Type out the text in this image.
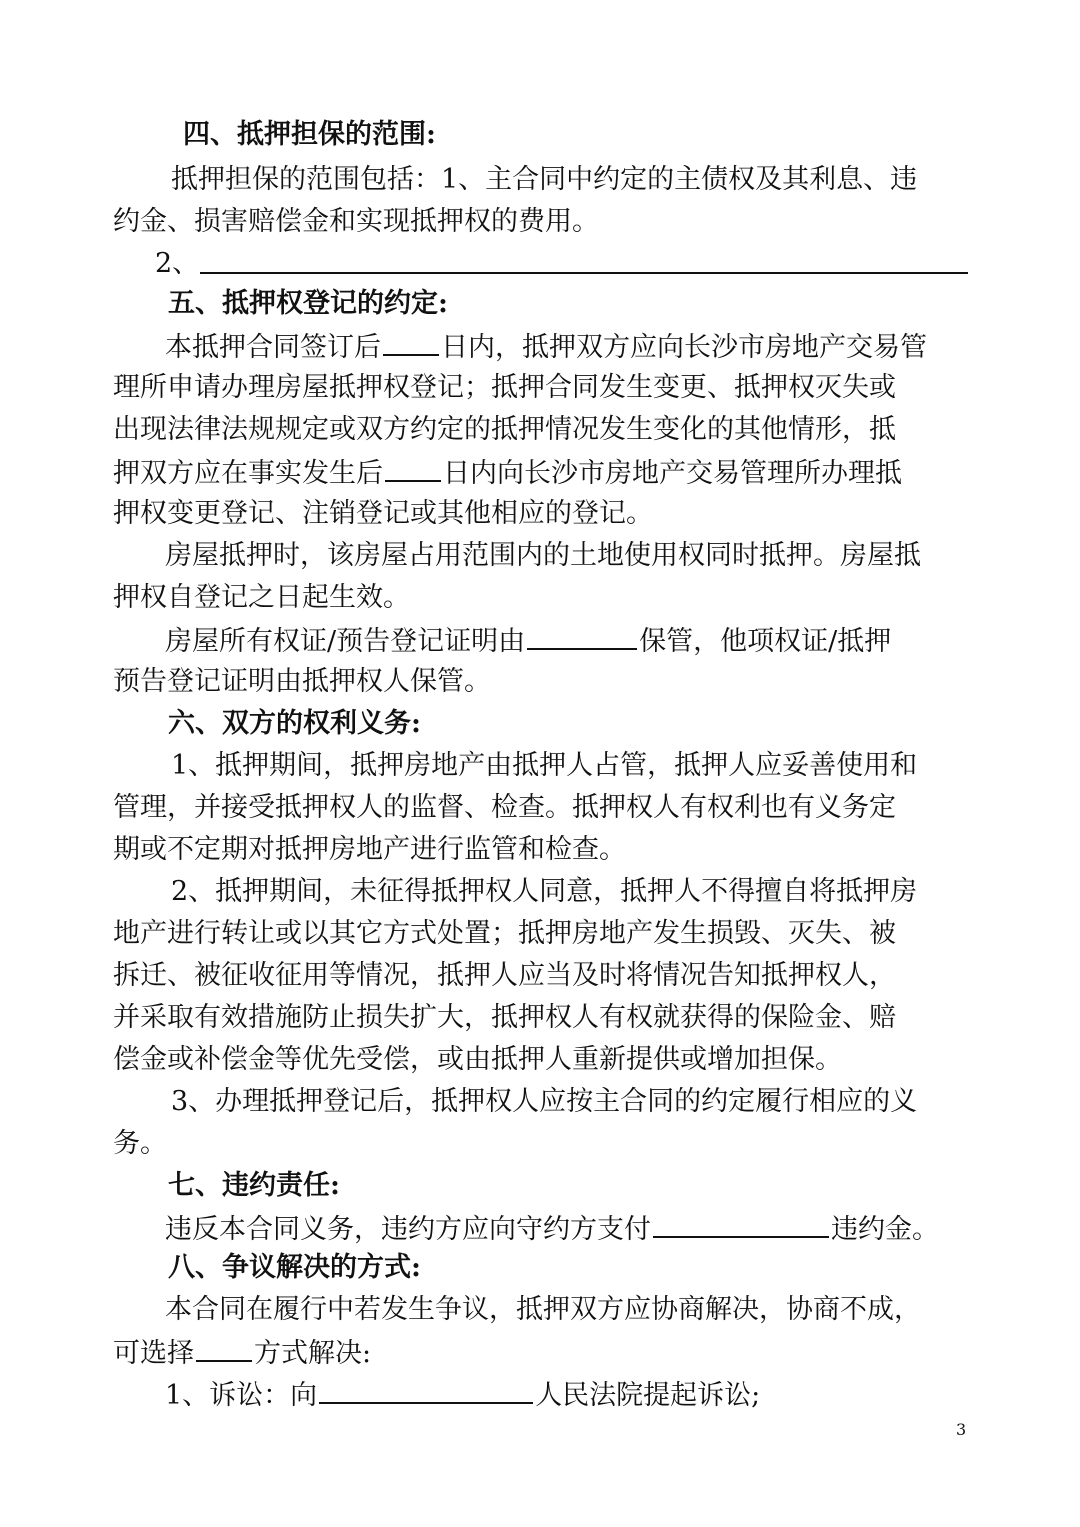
四、抵押担保的范围:
抵押担保的范围包括：1、主合同中约定的主债权及其利息、违
约金、损害赔偿金和实现抵押权的费用。
2、
五、抵押权登记的约定:
本抵押合同签订后 日内，抵押双方应向长沙市房地产交易管
理所申请办理房屋抵押权登记；抵押合同发生变更、抵押权灭失或
出现法律法规规定或双方约定的抵押情况发生变化的其他情形，抵
押双方应在事实发生后 日内向长沙市房地产交易管理所办理抵
押权变更登记、注销登记或其他相应的登记。
房屋抵押时，该房屋占用范围内的土地使用权同时抵押。房屋抵
押权自登记之日起生效。
房屋所有权证/预告登记证明由	保管，他项权证/抵押
预告登记证明由抵押权人保管。
六、双方的权利义务:
1、抵押期间，抵押房地产由抵押人占管，抵押人应妥善使用和
管理，并接受抵押权人的监督、检查。抵押权人有权利也有义务定
期或不定期对抵押房地产进行监管和检查。
2、抵押期间，未征得抵押权人同意，抵押人不得擅自将抵押房
地产进行转让或以其它方式处置；抵押房地产发生损毁、灭失、被
拆迁、被征收征用等情况，抵押人应当及时将情况告知抵押权人，
并采取有效措施防止损失扩大，抵押权人有权就获得的保险金、赔
偿金或补偿金等优先受偿，或由抵押人重新提供或增加担保。
3、办理抵押登记后，抵押权人应按主合同的约定履行相应的义
务。
七、违约责任:
违反本合同义务，违约方应向守约方支付	违约金。
八、争议解决的方式:
本合同在履行中若发生争议，抵押双方应协商解决，协商不成，
可选择 方式解决:
1、诉讼：向	人民法院提起诉讼;
3
